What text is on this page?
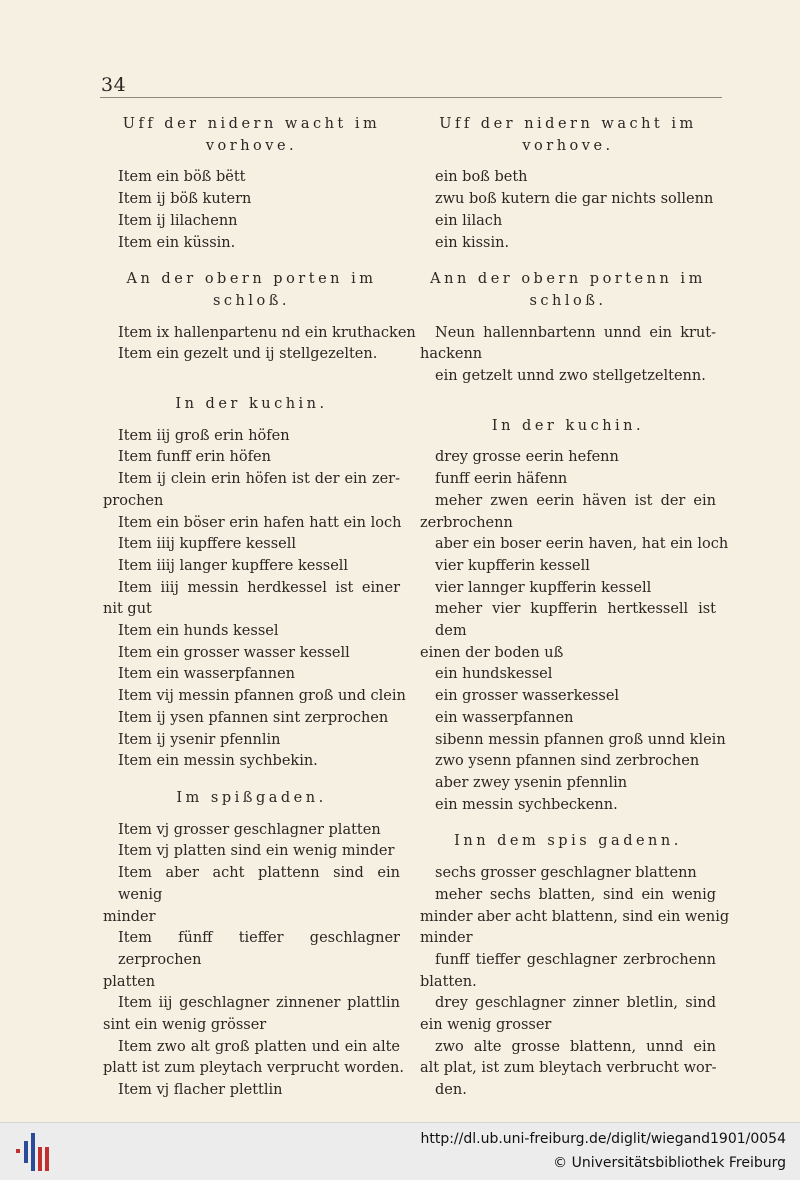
34

Uff der nidern wacht im

vorhove.

Item ein böß bëtt

Item ij böß kutern

Item ij lilachenn

Item ein küssin.

An der obern porten im

schloß.

Item ix hallenpartenu nd ein kruthacken

Item ein gezelt und ij stellgezelten.

In der kuchin.

Item iij groß erin höfen

Item funff erin höfen

Item ij clein erin höfen ist der ein zer-

prochen

Item ein böser erin hafen hatt ein loch

Item iiij kupffere kessell

Item iiij langer kupffere kessell

Item iiij messin herdkessel ist einer

nit gut

Item ein hunds kessel

Item ein grosser wasser kessell

Item ein wasserpfannen

Item vij messin pfannen groß und clein

Item ij ysen pfannen sint zerprochen

Item ij ysenir pfennlin

Item ein messin sychbekin.

Im spißgaden.

Item vj grosser geschlagner platten

Item vj platten sind ein wenig minder

Item aber acht plattenn sind ein wenig

minder

Item fünff tieffer geschlagner zerprochen

platten

Item iij geschlagner zinnener plattlin

sint ein wenig grösser

Item zwo alt groß platten und ein alte

platt ist zum pleytach verprucht worden.

Item vj flacher plettlin

Uff der nidern wacht im

vorhove.

ein boß beth

zwu boß kutern die gar nichts sollenn

ein lilach

ein kissin.

Ann der obern portenn im

schloß.

Neun hallennbartenn unnd ein krut-

hackenn

ein getzelt unnd zwo stellgetzeltenn.

In der kuchin.

drey grosse eerin hefenn

funff eerin häfenn

meher zwen eerin häven ist der ein

zerbrochenn

aber ein boser eerin haven, hat ein loch

vier kupfferin kessell

vier lannger kupfferin kessell

meher vier kupfferin hertkessell ist dem

einen der boden uß

ein hundskessel

ein grosser wasserkessel

ein wasserpfannen

sibenn messin pfannen groß unnd klein

zwo ysenn pfannen sind zerbrochen

aber zwey ysenin pfennlin

ein messin sychbeckenn.

Inn dem spis gadenn.

sechs grosser geschlagner blattenn

meher sechs blatten, sind ein wenig

minder aber acht blattenn, sind ein wenig

minder

funff tieffer geschlagner zerbrochenn

blatten.

drey geschlagner zinner bletlin, sind

ein wenig grosser

zwo alte grosse blattenn, unnd ein

alt plat, ist zum bleytach verbrucht wor-

den.

http://dl.ub.uni-freiburg.de/diglit/wiegand1901/0054
© Universitätsbibliothek Freiburg
